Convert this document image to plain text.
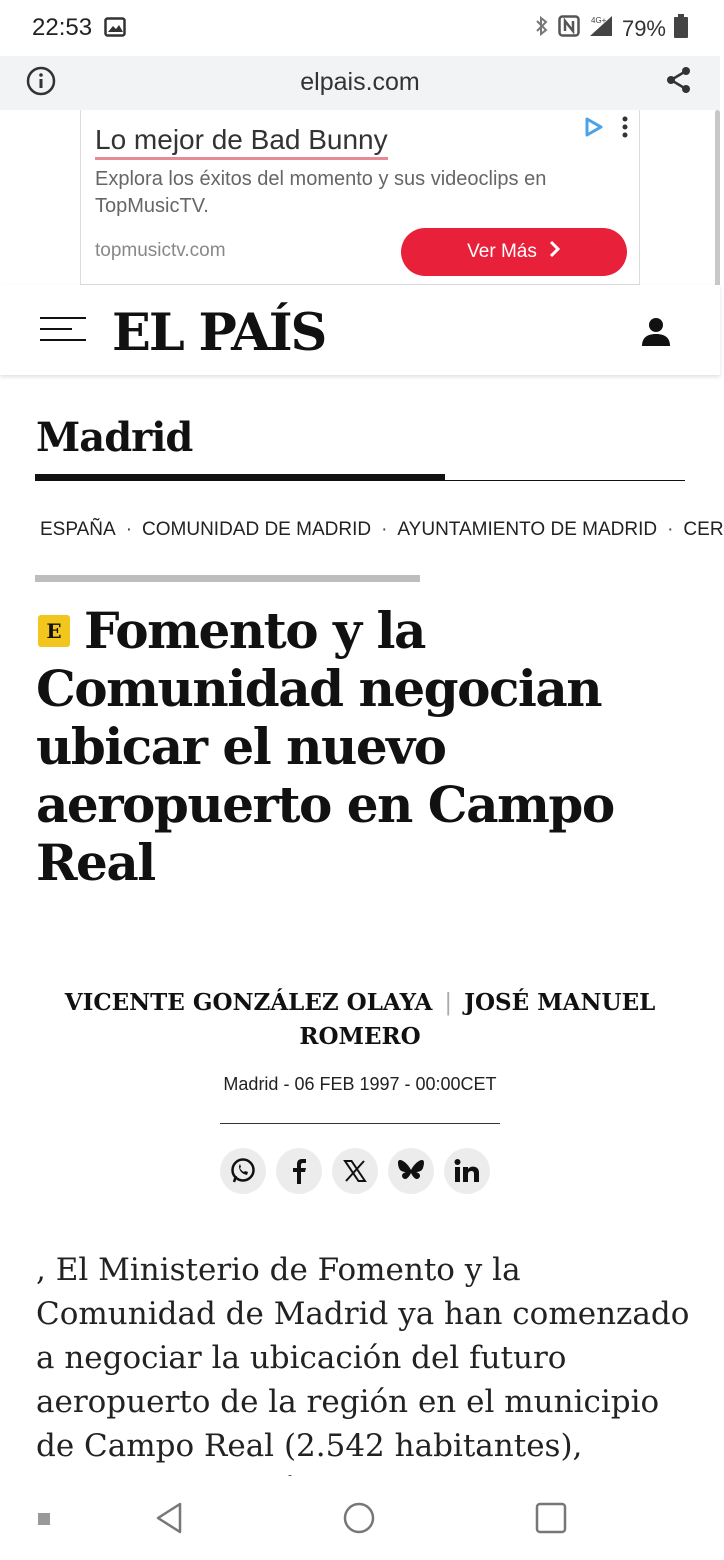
22:53	4G+ 79%
elpais.com
Lo mejor de Bad Bunny
Explora los éxitos del momento y sus videoclips en TopMusicTV.
topmusictv.com	Ver Más
EL PAÍS
Madrid
ESPAÑA · COMUNIDAD DE MADRID · AYUNTAMIENTO DE MADRID · CER
Fomento y la Comunidad negocian ubicar el nuevo aeropuerto en Campo Real
E
VICENTE GONZÁLEZ OLAYA | JOSÉ MANUEL ROMERO
Madrid - 06 FEB 1997 - 00:00CET

, El Ministerio de Fomento y la Comunidad de Madrid ya han comenzado a negociar la ubicación del futuro aeropuerto de la región en el municipio de Campo Real (2.542 habitantes),
